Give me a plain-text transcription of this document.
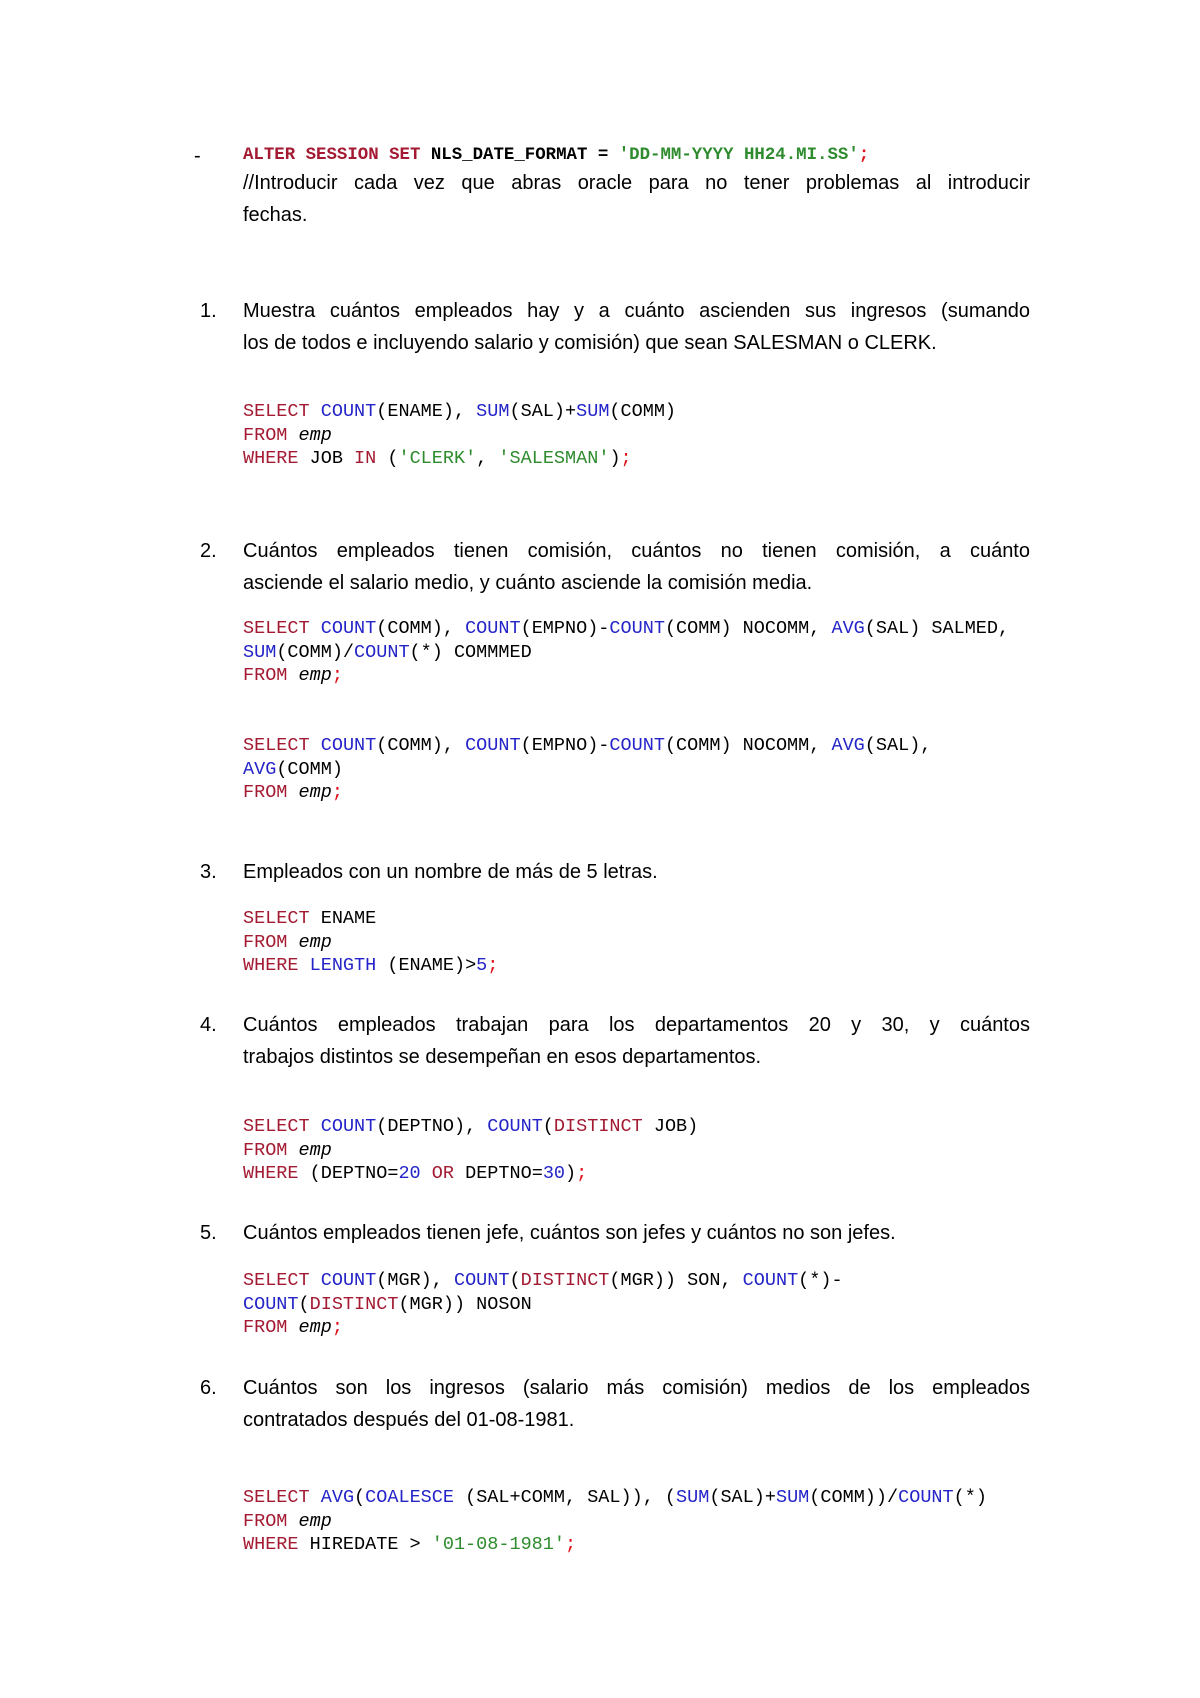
- ALTER SESSION SET NLS_DATE_FORMAT = 'DD-MM-YYYY HH24.MI.SS';
//Introducir cada vez que abras oracle para no tener problemas al introducir
fechas.
1. Muestra cuántos empleados hay y a cuánto ascienden sus ingresos (sumando
los de todos e incluyendo salario y comisión) que sean SALESMAN o CLERK.
SELECT COUNT(ENAME), SUM(SAL)+SUM(COMM)
FROM emp
WHERE JOB IN ('CLERK', 'SALESMAN');
2. Cuántos empleados tienen comisión, cuántos no tienen comisión, a cuánto
asciende el salario medio, y cuánto asciende la comisión media.
SELECT COUNT(COMM), COUNT(EMPNO)-COUNT(COMM) NOCOMM, AVG(SAL) SALMED,
SUM(COMM)/COUNT(*) COMMMED
FROM emp;
SELECT COUNT(COMM), COUNT(EMPNO)-COUNT(COMM) NOCOMM, AVG(SAL),
AVG(COMM)
FROM emp;
3. Empleados con un nombre de más de 5 letras.
SELECT ENAME
FROM emp
WHERE LENGTH (ENAME)>5;
4. Cuántos empleados trabajan para los departamentos 20 y 30, y cuántos
trabajos distintos se desempeñan en esos departamentos.
SELECT COUNT(DEPTNO), COUNT(DISTINCT JOB)
FROM emp
WHERE (DEPTNO=20 OR DEPTNO=30);
5. Cuántos empleados tienen jefe, cuántos son jefes y cuántos no son jefes.
SELECT COUNT(MGR), COUNT(DISTINCT(MGR)) SON, COUNT(*)-
COUNT(DISTINCT(MGR)) NOSON
FROM emp;
6. Cuántos son los ingresos (salario más comisión) medios de los empleados
contratados después del 01-08-1981.
SELECT AVG(COALESCE (SAL+COMM, SAL)), (SUM(SAL)+SUM(COMM))/COUNT(*)
FROM emp
WHERE HIREDATE > '01-08-1981';
